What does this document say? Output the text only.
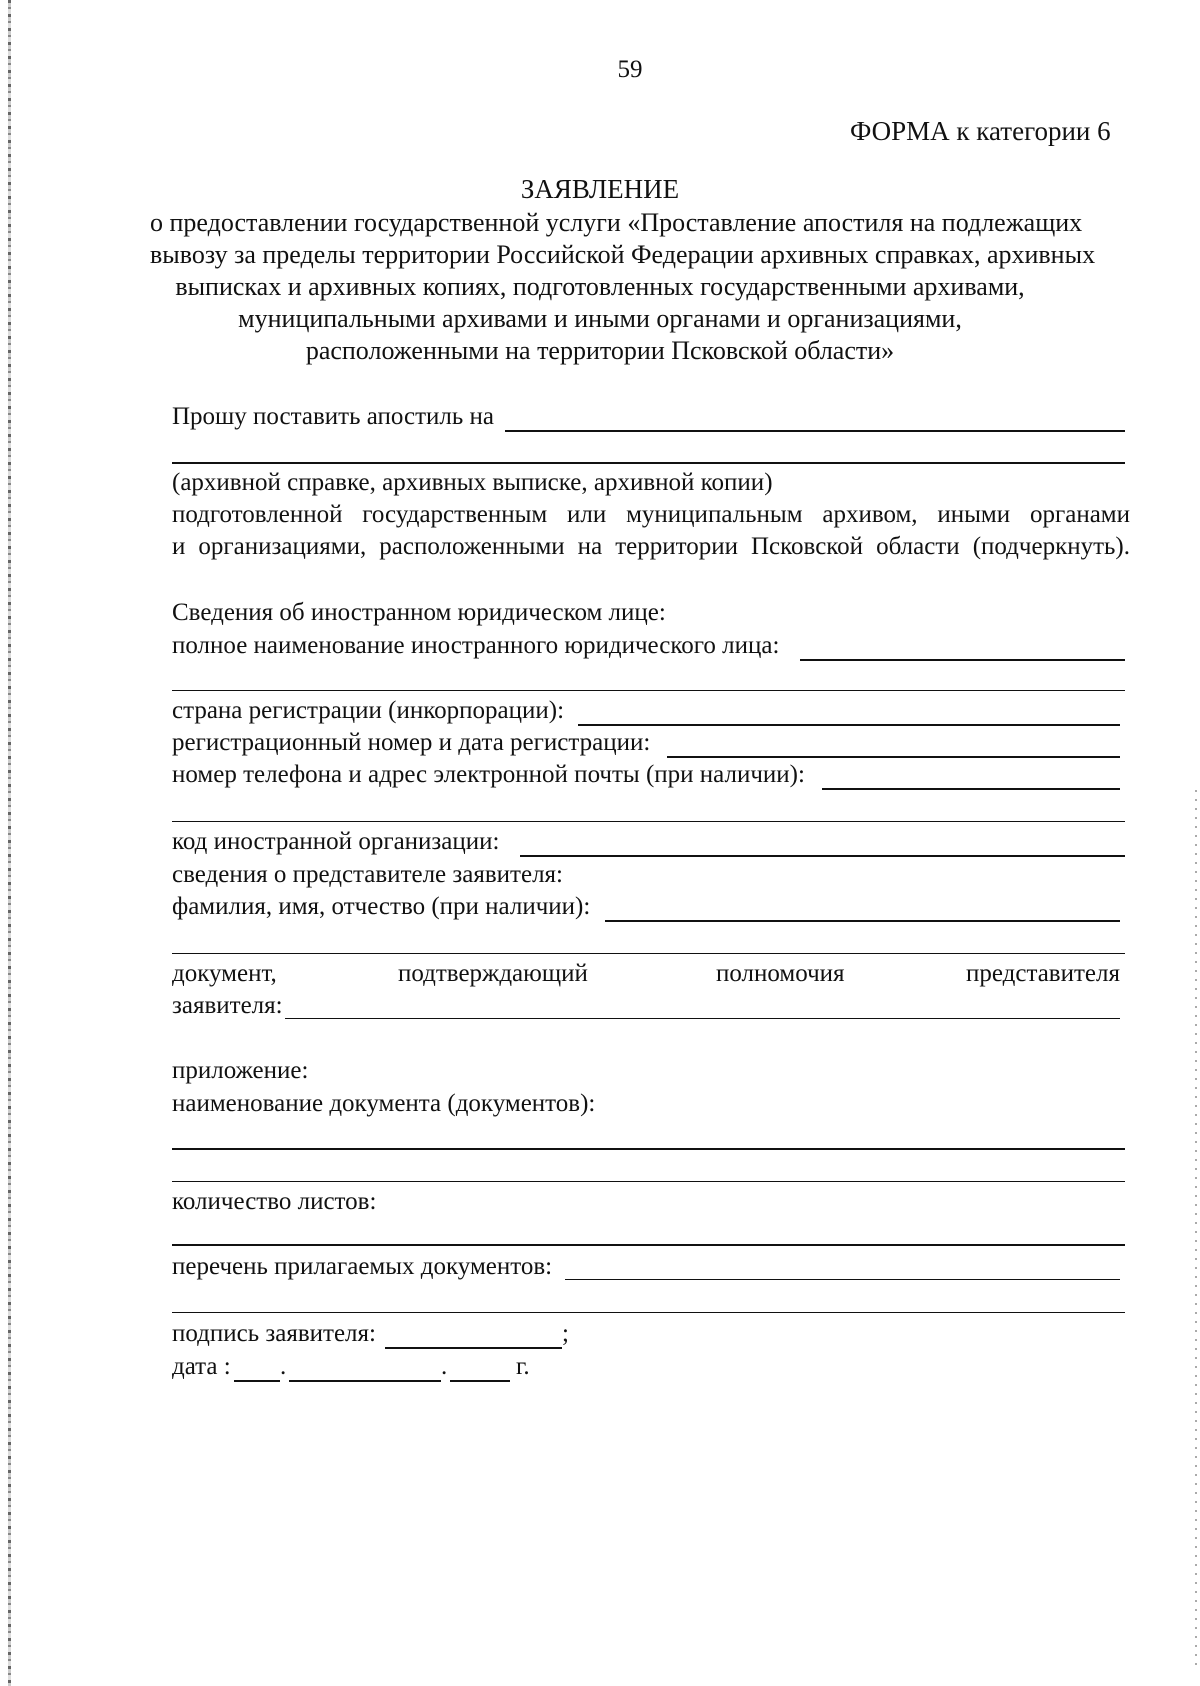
59
ФОРМА к категории 6
ЗАЯВЛЕНИЕ
о предоставлении государственной услуги «Проставление апостиля на подлежащих
вывозу за пределы территории Российской Федерации архивных справках, архивных
выписках и архивных копиях, подготовленных государственными архивами,
муниципальными архивами и иными органами и организациями,
расположенными на территории Псковской области»
Прошу поставить апостиль на
(архивной справке, архивных выписке, архивной копии)
подготовленной государственным или муниципальным архивом, иными органами
и организациями, расположенными на территории Псковской области (подчеркнуть).
Сведения об иностранном юридическом лице:
полное наименование иностранного юридического лица:
страна регистрации (инкорпорации):
регистрационный номер и дата регистрации:
номер телефона и адрес электронной почты (при наличии):
код иностранной организации:
сведения о представителе заявителя:
фамилия, имя, отчество (при наличии):
документ,	подтверждающий	полномочия	представителя
заявителя:
приложение:
наименование документа (документов):
количество листов:
перечень прилагаемых документов:
подпись заявителя:	;
дата : .	.	г.
